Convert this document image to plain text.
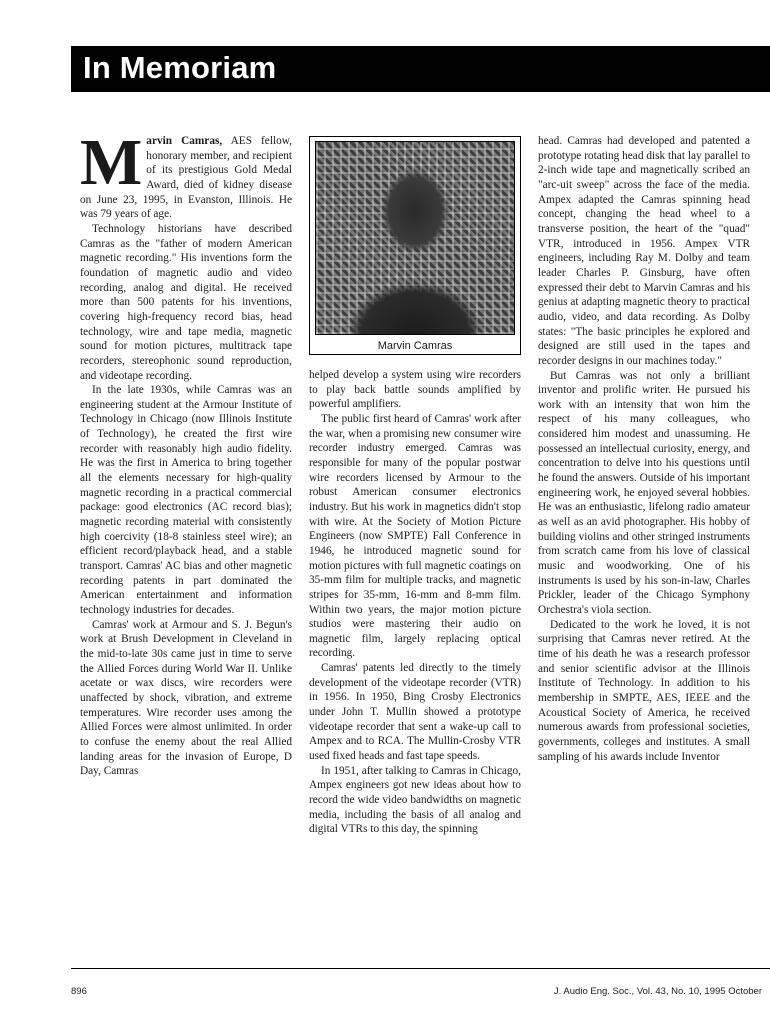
In Memoriam

Marvin Camras, AES fellow, honorary member, and recipient of its prestigious Gold Medal Award, died of kidney disease on June 23, 1995, in Evanston, Illinois. He was 79 years of age.

Technology historians have described Camras as the "father of modern American magnetic recording." His inventions form the foundation of magnetic audio and video recording, analog and digital. He received more than 500 patents for his inventions, covering high-frequency record bias, head technology, wire and tape media, magnetic sound for motion pictures, multitrack tape recorders, stereophonic sound reproduction, and videotape recording.

In the late 1930s, while Camras was an engineering student at the Armour Institute of Technology in Chicago (now Illinois Institute of Technology), he created the first wire recorder with reasonably high audio fidelity. He was the first in America to bring together all the elements necessary for high-quality magnetic recording in a practical commercial package: good electronics (AC record bias); magnetic recording material with consistently high coercivity (18-8 stainless steel wire); an efficient record/playback head, and a stable transport. Camras' AC bias and other magnetic recording patents in part dominated the American entertainment and information technology industries for decades.

Camras' work at Armour and S. J. Begun's work at Brush Development in Cleveland in the mid-to-late 30s came just in time to serve the Allied Forces during World War II. Unlike acetate or wax discs, wire recorders were unaffected by shock, vibration, and extreme temperatures. Wire recorder uses among the Allied Forces were almost unlimited. In order to confuse the enemy about the real Allied landing areas for the invasion of Europe, D Day, Camras

Marvin Camras

helped develop a system using wire recorders to play back battle sounds amplified by powerful amplifiers.

The public first heard of Camras' work after the war, when a promising new consumer wire recorder industry emerged. Camras was responsible for many of the popular postwar wire recorders licensed by Armour to the robust American consumer electronics industry. But his work in magnetics didn't stop with wire. At the Society of Motion Picture Engineers (now SMPTE) Fall Conference in 1946, he introduced magnetic sound for motion pictures with full magnetic coatings on 35-mm film for multiple tracks, and magnetic stripes for 35-mm, 16-mm and 8-mm film. Within two years, the major motion picture studios were mastering their audio on magnetic film, largely replacing optical recording.

Camras' patents led directly to the timely development of the videotape recorder (VTR) in 1956. In 1950, Bing Crosby Electronics under John T. Mullin showed a prototype videotape recorder that sent a wake-up call to Ampex and to RCA. The Mullin-Crosby VTR used fixed heads and fast tape speeds.

In 1951, after talking to Camras in Chicago, Ampex engineers got new ideas about how to record the wide video bandwidths on magnetic media, including the basis of all analog and digital VTRs to this day, the spinning

head. Camras had developed and patented a prototype rotating head disk that lay parallel to 2-inch wide tape and magnetically scribed an "arc-uit sweep" across the face of the media. Ampex adapted the Camras spinning head concept, changing the head wheel to a transverse position, the heart of the "quad" VTR, introduced in 1956. Ampex VTR engineers, including Ray M. Dolby and team leader Charles P. Ginsburg, have often expressed their debt to Marvin Camras and his genius at adapting magnetic theory to practical audio, video, and data recording. As Dolby states: "The basic principles he explored and designed are still used in the tapes and recorder designs in our machines today."

But Camras was not only a brilliant inventor and prolific writer. He pursued his work with an intensity that won him the respect of his many colleagues, who considered him modest and unassuming. He possessed an intellectual curiosity, energy, and concentration to delve into his questions until he found the answers. Outside of his important engineering work, he enjoyed several hobbies. He was an enthusiastic, lifelong radio amateur as well as an avid photographer. His hobby of building violins and other stringed instruments from scratch came from his love of classical music and woodworking. One of his instruments is used by his son-in-law, Charles Prickler, leader of the Chicago Symphony Orchestra's viola section.

Dedicated to the work he loved, it is not surprising that Camras never retired. At the time of his death he was a research professor and senior scientific advisor at the Illinois Institute of Technology. In addition to his membership in SMPTE, AES, IEEE and the Acoustical Society of America, he received numerous awards from professional societies, governments, colleges and institutes. A small sampling of his awards include Inventor

896	J. Audio Eng. Soc., Vol. 43, No. 10, 1995 October
